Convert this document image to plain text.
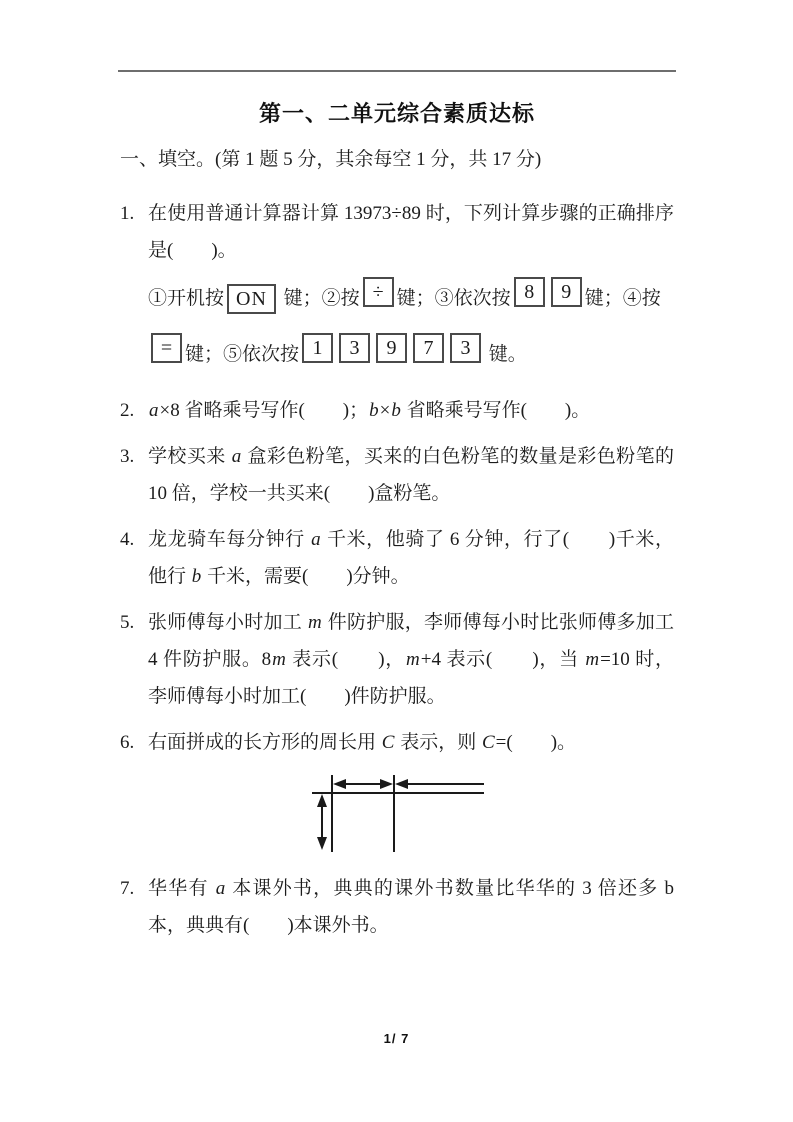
第一、二单元综合素质达标
一、填空。(第 1 题 5 分，其余每空 1 分，共 17 分)
1. 在使用普通计算器计算 13973÷89 时，下列计算步骤的正确排序是(　　)。
①开机按 ON 键；②按 ÷ 键；③依次按 8 9 键；④按= 键；⑤依次按 1 3 9 7 3 键。
2. a×8 省略乘号写作(　　)；b×b 省略乘号写作(　　)。
3. 学校买来 a 盒彩色粉笔，买来的白色粉笔的数量是彩色粉笔的 10 倍，学校一共买来(　　)盒粉笔。
4. 龙龙骑车每分钟行 a 千米，他骑了 6 分钟，行了(　　)千米，他行 b 千米，需要(　　)分钟。
5. 张师傅每小时加工 m 件防护服，李师傅每小时比张师傅多加工 4 件防护服。8m 表示(　　)，m+4 表示(　　)，当 m=10 时，李师傅每小时加工(　　)件防护服。
6. 右面拼成的长方形的周长用 C 表示，则 C=(　　)。
7. 华华有 a 本课外书，典典的课外书数量比华华的 3 倍还多 b 本，典典有(　　)本课外书。
1/ 7
